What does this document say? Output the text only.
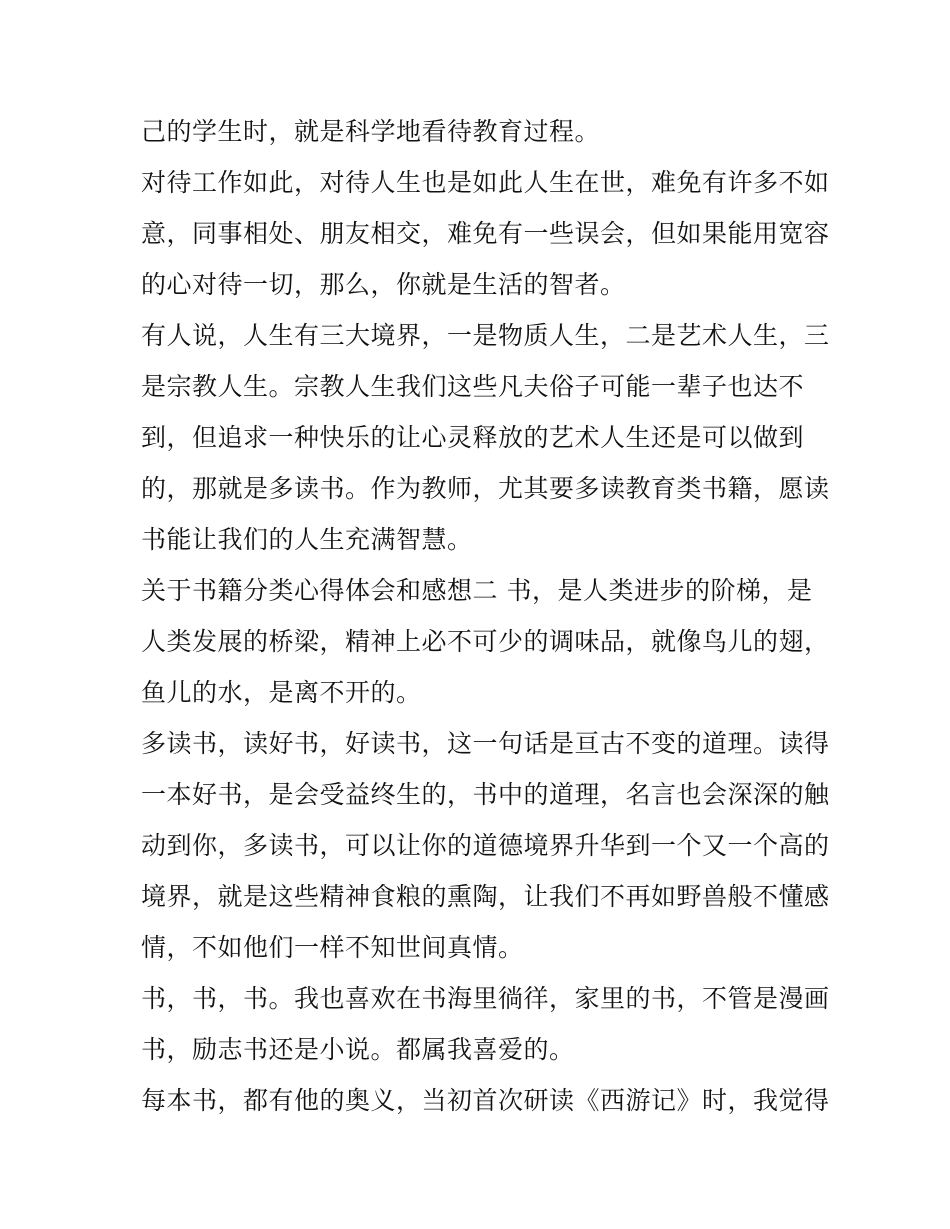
己的学生时，就是科学地看待教育过程。
对待工作如此，对待人生也是如此人生在世，难免有许多不如
意，同事相处、朋友相交，难免有一些误会，但如果能用宽容
的心对待一切，那么，你就是生活的智者。
有人说，人生有三大境界，一是物质人生，二是艺术人生，三
是宗教人生。宗教人生我们这些凡夫俗子可能一辈子也达不
到，但追求一种快乐的让心灵释放的艺术人生还是可以做到
的，那就是多读书。作为教师，尤其要多读教育类书籍，愿读
书能让我们的人生充满智慧。
关于书籍分类心得体会和感想二 书，是人类进步的阶梯，是
人类发展的桥梁，精神上必不可少的调味品，就像鸟儿的翅，
鱼儿的水，是离不开的。
多读书，读好书，好读书，这一句话是亘古不变的道理。读得
一本好书，是会受益终生的，书中的道理，名言也会深深的触
动到你，多读书，可以让你的道德境界升华到一个又一个高的
境界，就是这些精神食粮的熏陶，让我们不再如野兽般不懂感
情，不如他们一样不知世间真情。
书，书，书。我也喜欢在书海里徜徉，家里的书，不管是漫画
书，励志书还是小说。都属我喜爱的。
每本书，都有他的奥义，当初首次研读《西游记》时，我觉得
